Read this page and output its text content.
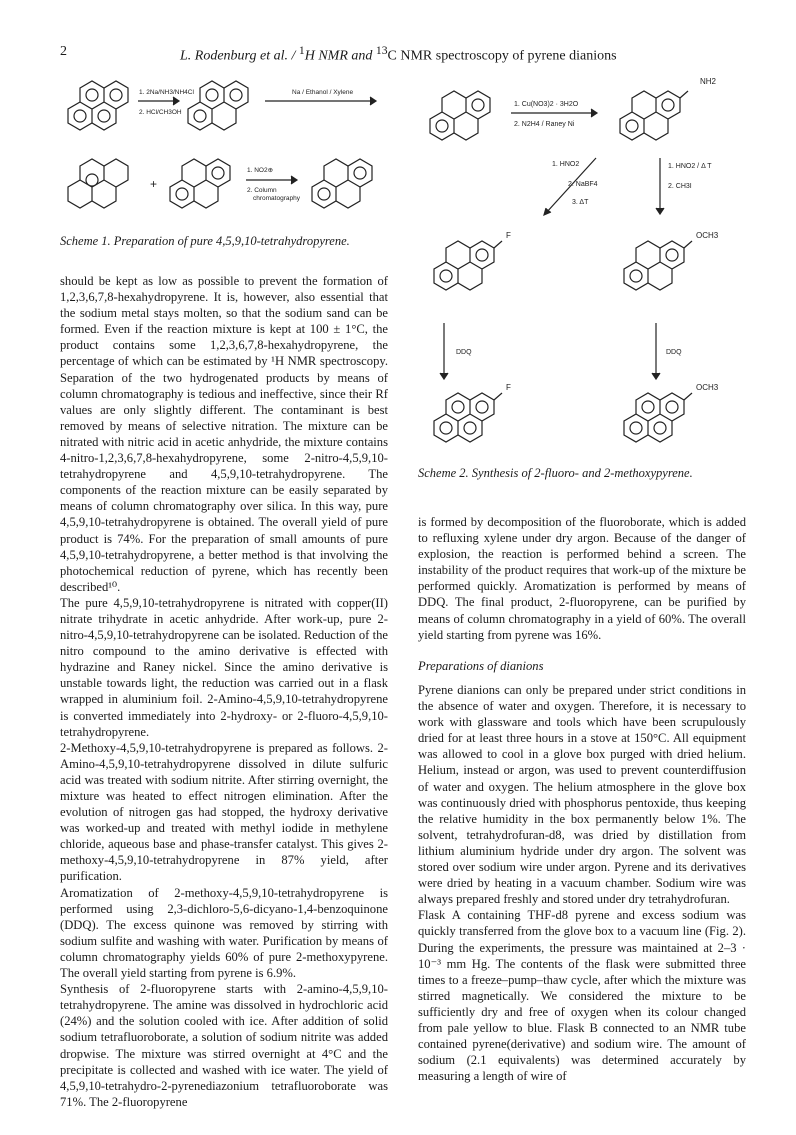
2	L. Rodenburg et al. / $^1$H NMR and $^{13}$C NMR spectroscopy of pyrene dianions
1. 2Na/NH3/NH4Cl
2. HCl/CH3OH
Na / Ethanol / Xylene
+
1. NO2⊕
2. Column
chromatography
Scheme 1. Preparation of pure 4,5,9,10-tetrahydropyrene.
1. Cu(NO3)2 · 3H2O
2. N2H4 / Raney Ni
NH2
1. HNO2
2. NaBF4
3. ΔT
1. HNO2 / Δ T
2. CH3I
F	OCH3
DDQ	DDQ
F	OCH3
Scheme 2. Synthesis of 2-fluoro- and 2-methoxypyrene.

should be kept as low as possible to prevent the formation of 1,2,3,6,7,8-hexahydropyrene. It is, however, also essential that the sodium metal stays molten, so that the sodium sand can be formed. Even if the reaction mixture is kept at 100 ± 1°C, the product contains some 1,2,3,6,7,8-hexahydropyrene, the percentage of which can be estimated by ¹H NMR spectroscopy. Separation of the two hydrogenated products by means of column chromatography is tedious and ineffective, since their Rf values are only slightly different. The contaminant is best removed by means of selective nitration. The mixture can be nitrated with nitric acid in acetic anhydride, the mixture contains 4-nitro-1,2,3,6,7,8-hexahydropyrene, some 2-nitro-4,5,9,10-tetrahydropyrene and 4,5,9,10-tetrahydropyrene. The components of the reaction mixture can be easily separated by means of column chromatography over silica. In this way, pure 4,5,9,10-tetrahydropyrene is obtained. The overall yield of pure product is 74%. For the preparation of small amounts of pure 4,5,9,10-tetrahydropyrene, a better method is that involving the photochemical reduction of pyrene, which has recently been described¹⁰.

The pure 4,5,9,10-tetrahydropyrene is nitrated with copper(II) nitrate trihydrate in acetic anhydride. After work-up, pure 2-nitro-4,5,9,10-tetrahydropyrene can be isolated. Reduction of the nitro compound to the amino derivative is effected with hydrazine and Raney nickel. Since the amino derivative is unstable towards light, the reduction was carried out in a flask wrapped in aluminium foil. 2-Amino-4,5,9,10-tetrahydropyrene is converted immediately into 2-hydroxy- or 2-fluoro-4,5,9,10-tetrahydropyrene.

2-Methoxy-4,5,9,10-tetrahydropyrene is prepared as follows. 2-Amino-4,5,9,10-tetrahydropyrene dissolved in dilute sulfuric acid was treated with sodium nitrite. After stirring overnight, the mixture was heated to effect nitrogen elimination. After the evolution of nitrogen gas had stopped, the hydroxy derivative was worked-up and treated with methyl iodide in methylene chloride, aqueous base and phase-transfer catalyst. This gives 2-methoxy-4,5,9,10-tetrahydropyrene in 87% yield, after purification.

Aromatization of 2-methoxy-4,5,9,10-tetrahydropyrene is performed using 2,3-dichloro-5,6-dicyano-1,4-benzoquinone (DDQ). The excess quinone was removed by stirring with sodium sulfite and washing with water. Purification by means of column chromatography yields 60% of pure 2-methoxypyrene. The overall yield starting from pyrene is 6.9%.

Synthesis of 2-fluoropyrene starts with 2-amino-4,5,9,10-tetrahydropyrene. The amine was dissolved in hydrochloric acid (24%) and the solution cooled with ice. After addition of solid sodium tetrafluoroborate, a solution of sodium nitrite was added dropwise. The mixture was stirred overnight at 4°C and the precipitate is collected and washed with ice water. The yield of 4,5,9,10-tetrahydro-2-pyrenediazonium tetrafluoroborate was 71%. The 2-fluoropyrene

is formed by decomposition of the fluoroborate, which is added to refluxing xylene under dry argon. Because of the danger of explosion, the reaction is performed behind a screen. The instability of the product requires that work-up of the mixture be performed quickly. Aromatization is performed by means of DDQ. The final product, 2-fluoropyrene, can be purified by means of column chromatography in a yield of 60%. The overall yield starting from pyrene was 16%.

Preparations of dianions

Pyrene dianions can only be prepared under strict conditions in the absence of water and oxygen. Therefore, it is necessary to work with glassware and tools which have been scrupulously dried for at least three hours in a stove at 150°C. All equipment was allowed to cool in a glove box purged with dried helium. Helium, instead or argon, was used to prevent counterdiffusion of water and oxygen. The helium atmosphere in the glove box was continuously dried with phosphorus pentoxide, thus keeping the relative humidity in the box permanently below 1%. The solvent, tetrahydrofuran-d8, was dried by distillation from lithium aluminium hydride under dry argon. The solvent was stored over sodium wire under argon. Pyrene and its derivatives were dried by heating in a vacuum chamber. Sodium wire was always prepared freshly and stored under dry tetrahydrofuran.

Flask A containing THF-d8 pyrene and excess sodium was quickly transferred from the glove box to a vacuum line (Fig. 2). During the experiments, the pressure was maintained at 2–3 · 10⁻³ mm Hg. The contents of the flask were submitted three times to a freeze–pump–thaw cycle, after which the mixture was stirred magnetically. We considered the mixture to be sufficiently dry and free of oxygen when its colour changed from pale yellow to blue. Flask B connected to an NMR tube contained pyrene(derivative) and sodium wire. The amount of sodium (2.1 equivalents) was determined accurately by measuring a length of wire of
